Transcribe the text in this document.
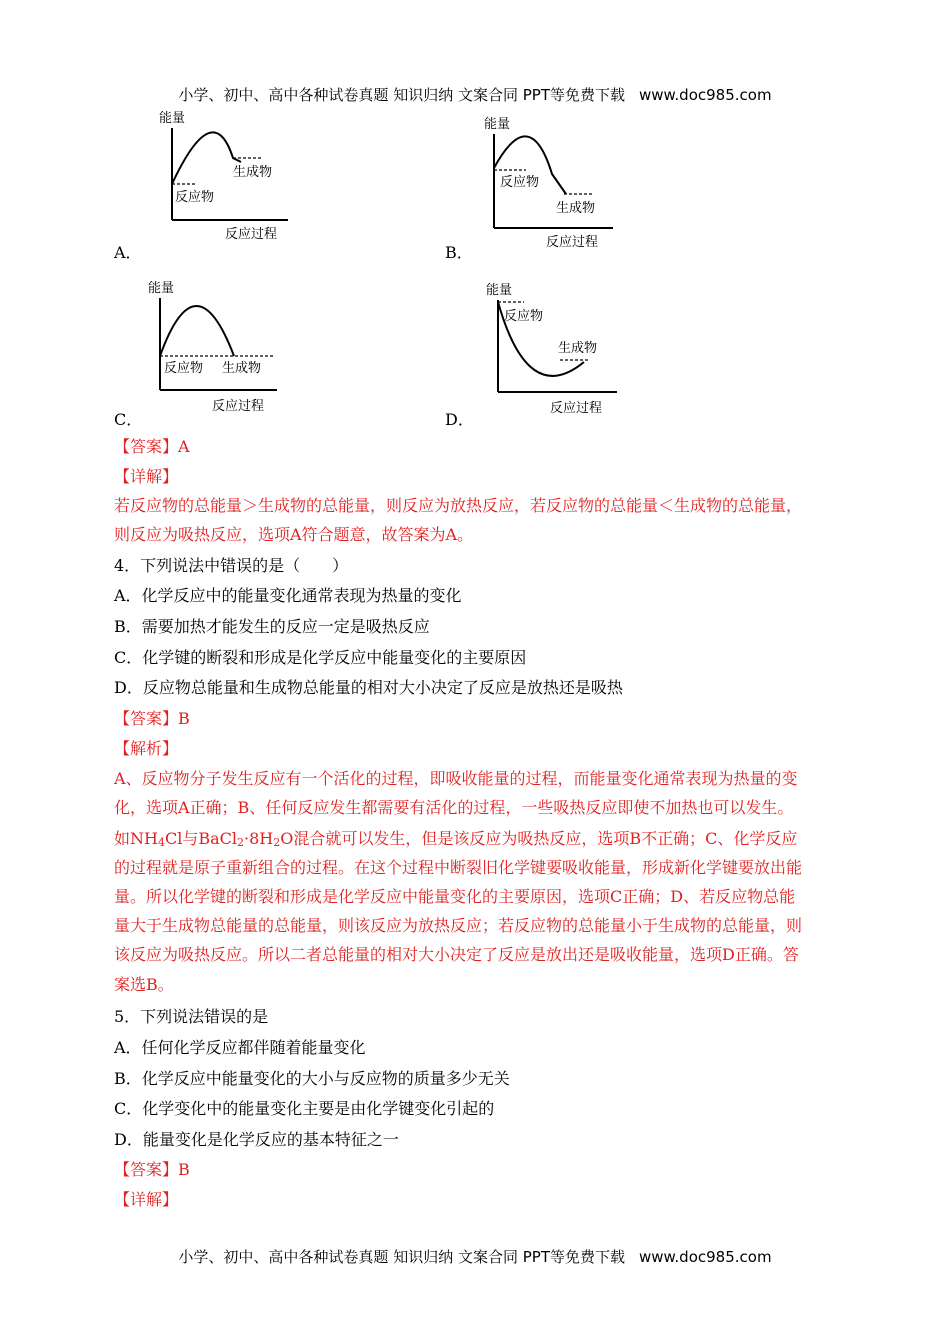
小学、初中、高中各种试卷真题 知识归纳 文案合同 PPT等免费下载 www.doc985.com
能量
反应物
生成物
反应过程
A．
能量
反应物
生成物
反应过程
B．
能量
反应物 生成物
反应过程
C．
能量
反应物
生成物
反应过程
D．
【答案】A
【详解】
若反应物的总能量＞生成物的总能量，则反应为放热反应，若反应物的总能量＜生成物的总能量，
则反应为吸热反应，选项A符合题意，故答案为A。
4．下列说法中错误的是（　　）
A．化学反应中的能量变化通常表现为热量的变化
B．需要加热才能发生的反应一定是吸热反应
C．化学键的断裂和形成是化学反应中能量变化的主要原因
D．反应物总能量和生成物总能量的相对大小决定了反应是放热还是吸热
【答案】B
【解析】
A、反应物分子发生反应有一个活化的过程，即吸收能量的过程，而能量变化通常表现为热量的变
化，选项A正确；B、任何反应发生都需要有活化的过程，一些吸热反应即使不加热也可以发生。
如$NH_4Cl$与$BaCl_2\cdot 8H_2O$混合就可以发生，但是该反应为吸热反应，选项B不正确；C、化学反应
的过程就是原子重新组合的过程。在这个过程中断裂旧化学键要吸收能量，形成新化学键要放出能
量。所以化学键的断裂和形成是化学反应中能量变化的主要原因，选项C正确；D、若反应物总能
量大于生成物总能量的总能量，则该反应为放热反应；若反应物的总能量小于生成物的总能量，则
该反应为吸热反应。所以二者总能量的相对大小决定了反应是放出还是吸收能量，选项D正确。答
案选B。
5．下列说法错误的是
A．任何化学反应都伴随着能量变化
B．化学反应中能量变化的大小与反应物的质量多少无关
C．化学变化中的能量变化主要是由化学键变化引起的
D．能量变化是化学反应的基本特征之一
【答案】B
【详解】
小学、初中、高中各种试卷真题 知识归纳 文案合同 PPT等免费下载 www.doc985.com
